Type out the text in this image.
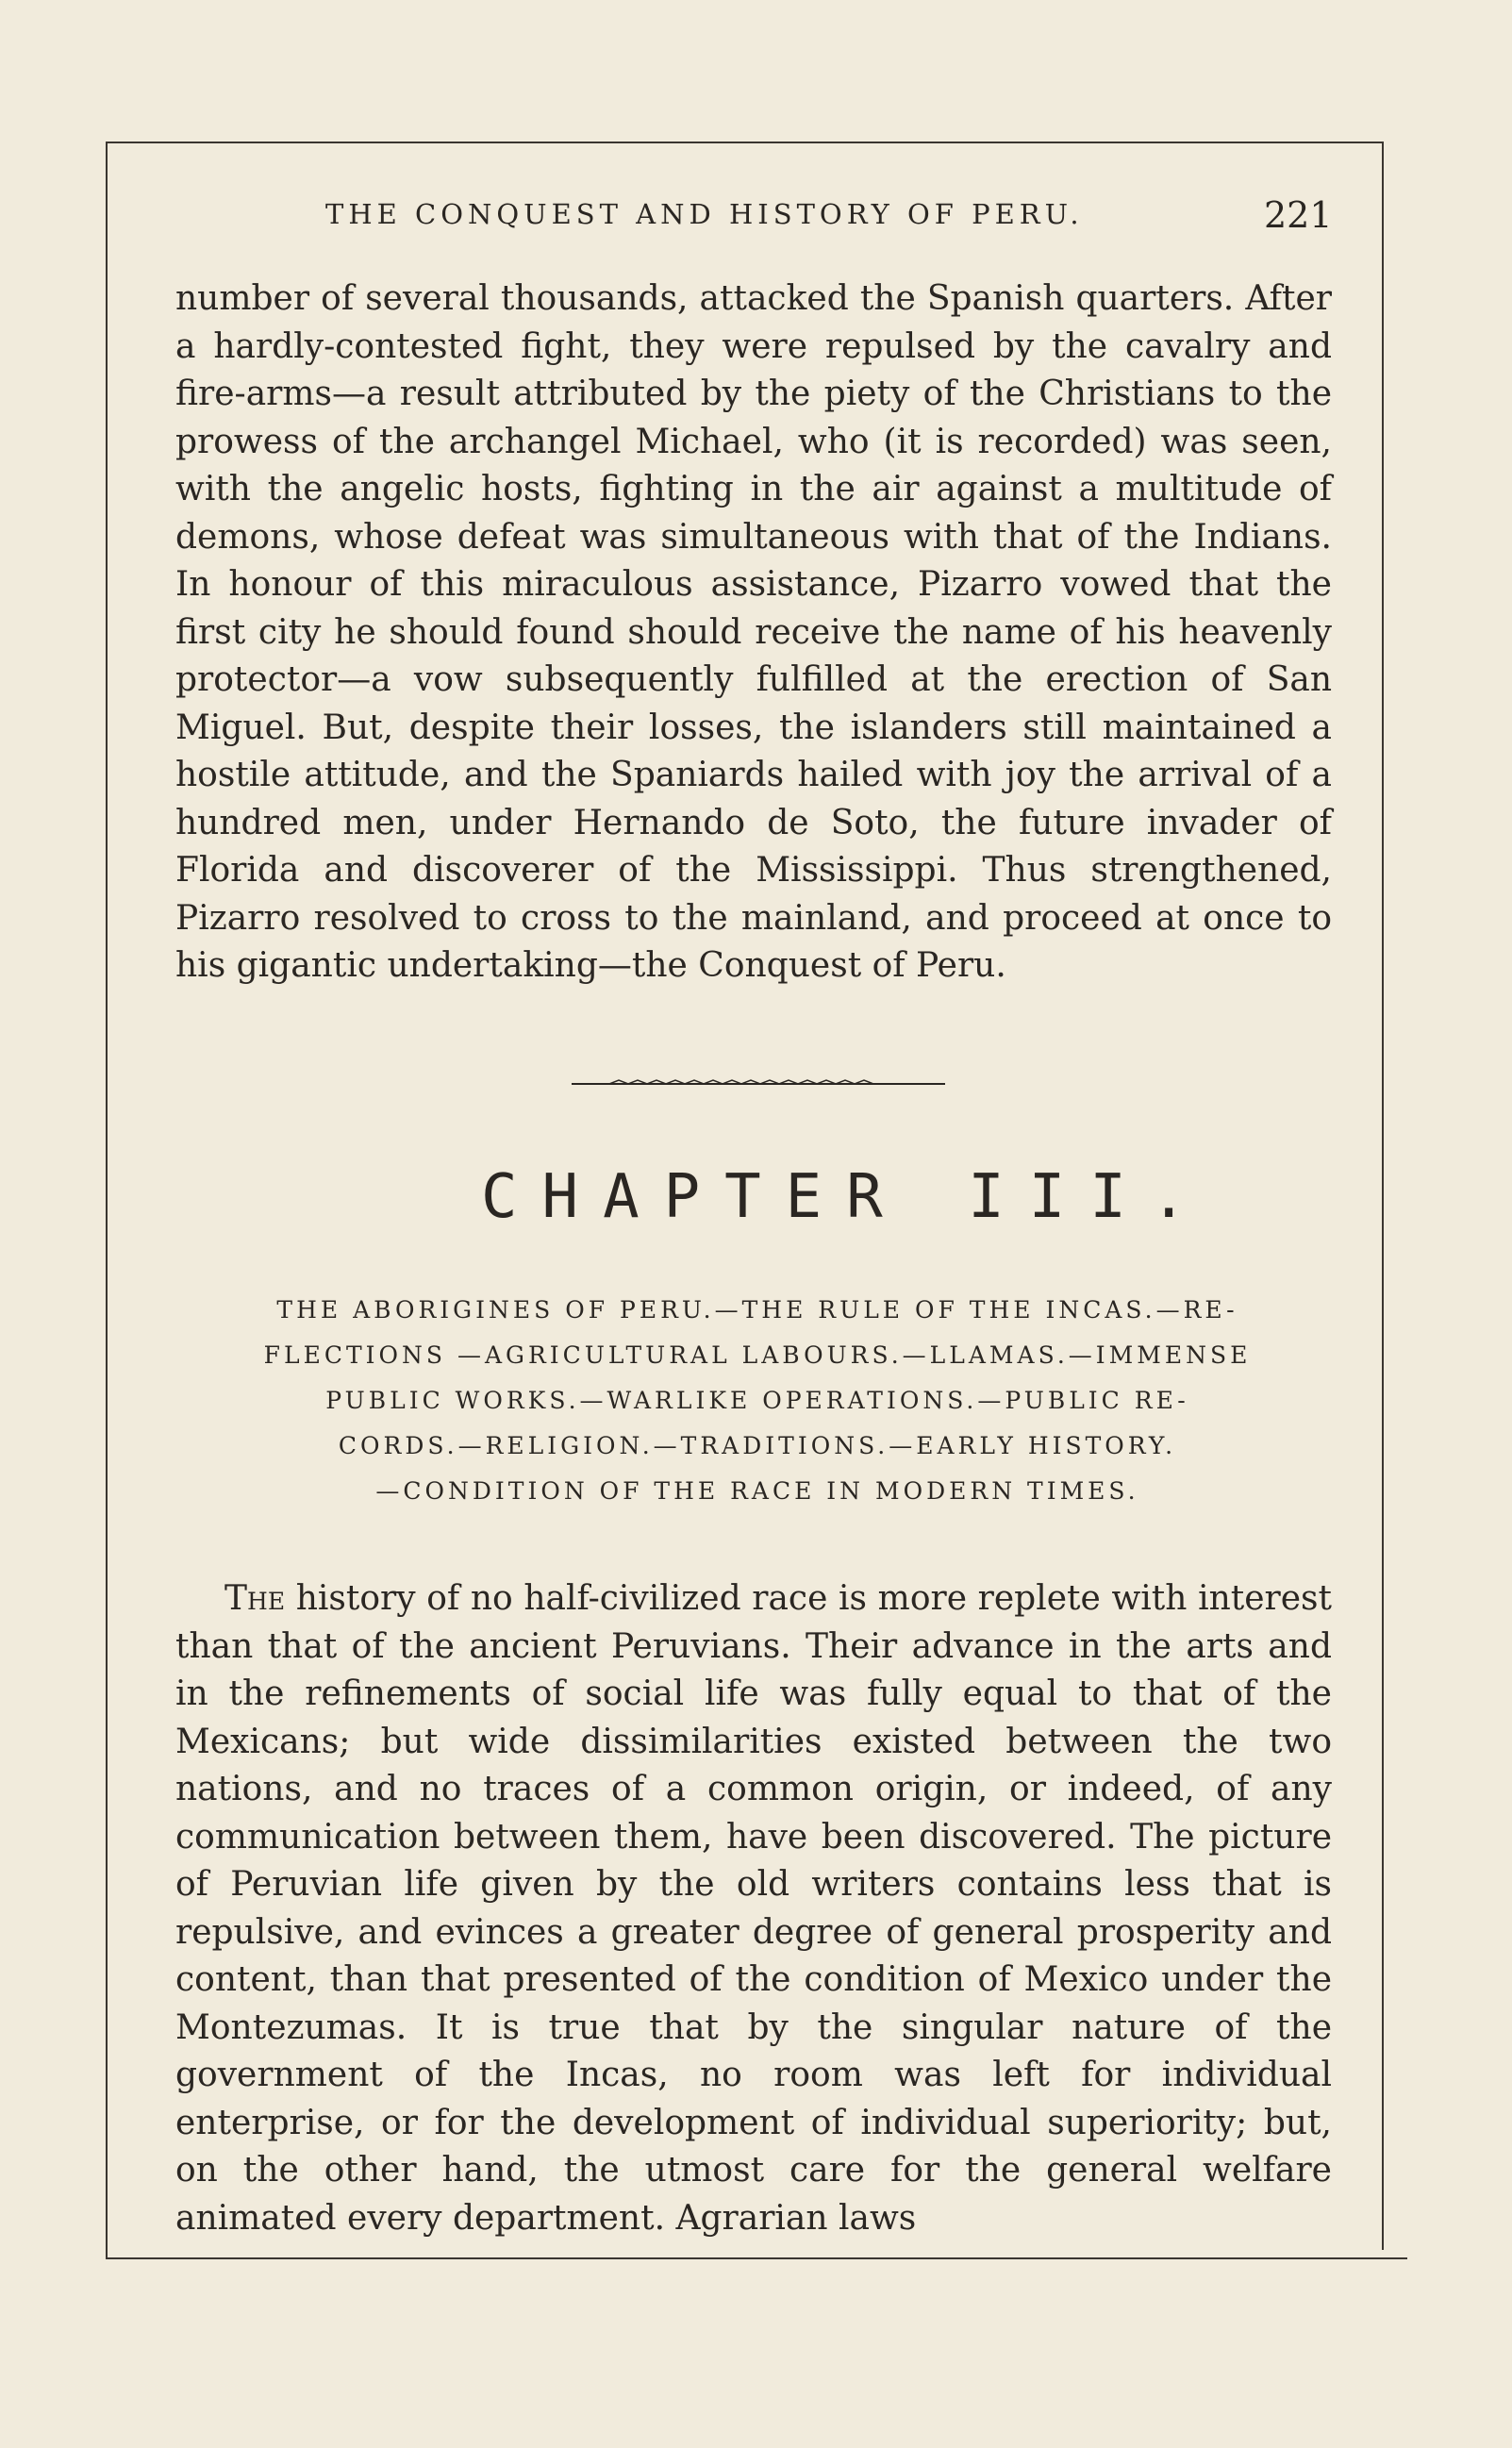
THE CONQUEST AND HISTORY OF PERU.	221

number of several thousands, attacked the Spanish quarters. After a hardly-contested fight, they were repulsed by the cavalry and fire-arms—a result attributed by the piety of the Christians to the prowess of the archangel Michael, who (it is recorded) was seen, with the angelic hosts, fighting in the air against a multitude of demons, whose defeat was simultaneous with that of the Indians. In honour of this miraculous assistance, Pizarro vowed that the first city he should found should receive the name of his heavenly protector—a vow subsequently fulfilled at the erection of San Miguel. But, despite their losses, the islanders still maintained a hostile attitude, and the Spaniards hailed with joy the arrival of a hundred men, under Hernando de Soto, the future invader of Florida and discoverer of the Mississippi. Thus strengthened, Pizarro resolved to cross to the mainland, and proceed at once to his gigantic undertaking—the Conquest of Peru.

CHAPTER III.
THE ABORIGINES OF PERU.—THE RULE OF THE INCAS.—RE-
FLECTIONS —AGRICULTURAL LABOURS.—LLAMAS.—IMMENSE
PUBLIC WORKS.—WARLIKE OPERATIONS.—PUBLIC RE-
CORDS.—RELIGION.—TRADITIONS.—EARLY HISTORY.
—CONDITION OF THE RACE IN MODERN TIMES.

The history of no half-civilized race is more replete with interest than that of the ancient Peruvians. Their advance in the arts and in the refinements of social life was fully equal to that of the Mexicans; but wide dissimilarities existed between the two nations, and no traces of a common origin, or indeed, of any communication between them, have been discovered. The picture of Peruvian life given by the old writers contains less that is repulsive, and evinces a greater degree of general prosperity and content, than that presented of the condition of Mexico under the Montezumas. It is true that by the singular nature of the government of the Incas, no room was left for individual enterprise, or for the development of individual superiority; but, on the other hand, the utmost care for the general welfare animated every department. Agrarian laws
